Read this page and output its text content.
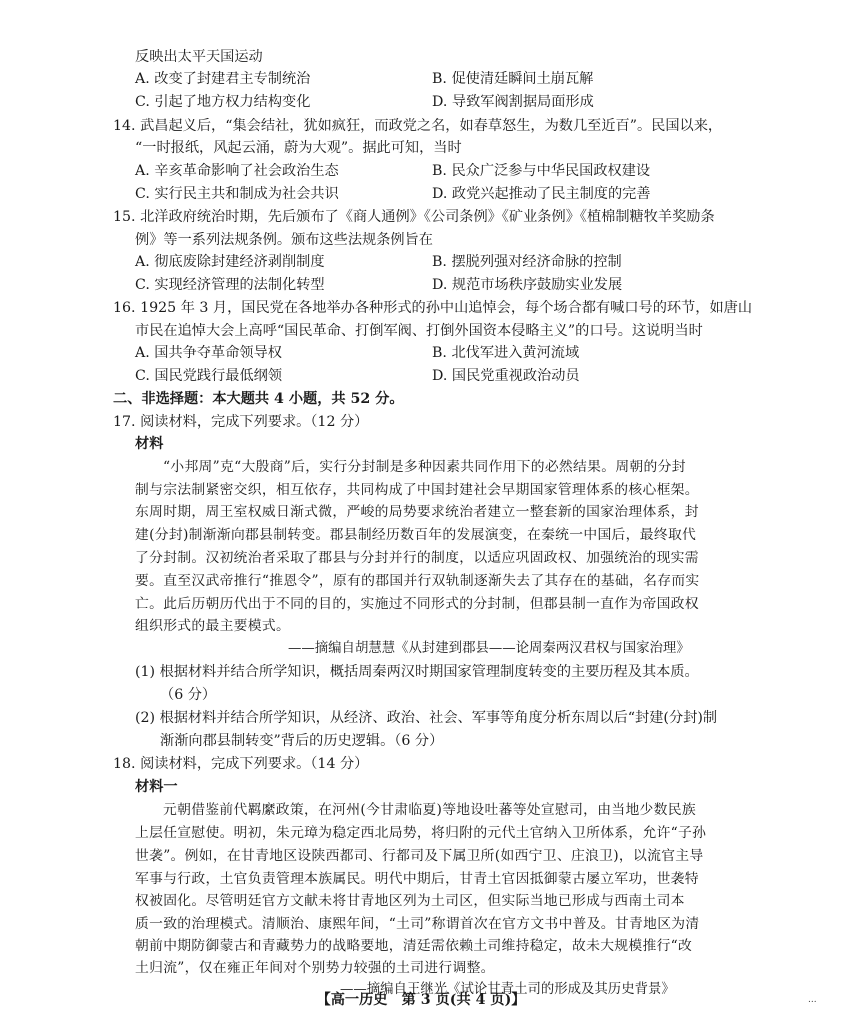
反映出太平天国运动
A. 改变了封建君主专制统治	B. 促使清廷瞬间土崩瓦解
C. 引起了地方权力结构变化	D. 导致军阀割据局面形成
14. 武昌起义后，“集会结社，犹如疯狂，而政党之名，如春草怒生，为数几至近百”。民国以来，
“一时报纸，风起云涌，蔚为大观”。据此可知，当时
A. 辛亥革命影响了社会政治生态	B. 民众广泛参与中华民国政权建设
C. 实行民主共和制成为社会共识	D. 政党兴起推动了民主制度的完善
15. 北洋政府统治时期，先后颁布了《商人通例》《公司条例》《矿业条例》《植棉制糖牧羊奖励条
例》等一系列法规条例。颁布这些法规条例旨在
A. 彻底废除封建经济剥削制度	B. 摆脱列强对经济命脉的控制
C. 实现经济管理的法制化转型	D. 规范市场秩序鼓励实业发展
16. 1925 年 3 月，国民党在各地举办各种形式的孙中山追悼会，每个场合都有喊口号的环节，如唐山
市民在追悼大会上高呼“国民革命、打倒军阀、打倒外国资本侵略主义”的口号。这说明当时
A. 国共争夺革命领导权	B. 北伐军进入黄河流域
C. 国民党践行最低纲领	D. 国民党重视政治动员
二、非选择题：本大题共 4 小题，共 52 分。
17. 阅读材料，完成下列要求。（12 分）
材料
“小邦周”克“大殷商”后，实行分封制是多种因素共同作用下的必然结果。周朝的分封
制与宗法制紧密交织，相互依存，共同构成了中国封建社会早期国家管理体系的核心框架。
东周时期，周王室权威日渐式微，严峻的局势要求统治者建立一整套新的国家治理体系，封
建(分封)制渐渐向郡县制转变。郡县制经历数百年的发展演变，在秦统一中国后，最终取代
了分封制。汉初统治者采取了郡县与分封并行的制度，以适应巩固政权、加强统治的现实需
要。直至汉武帝推行“推恩令”，原有的郡国并行双轨制逐渐失去了其存在的基础，名存而实
亡。此后历朝历代出于不同的目的，实施过不同形式的分封制，但郡县制一直作为帝国政权
组织形式的最主要模式。
——摘编自胡慧慧《从封建到郡县——论周秦两汉君权与国家治理》
(1) 根据材料并结合所学知识，概括周秦两汉时期国家管理制度转变的主要历程及其本质。
（6 分）
(2) 根据材料并结合所学知识，从经济、政治、社会、军事等角度分析东周以后“封建(分封)制
渐渐向郡县制转变”背后的历史逻辑。（6 分）
18. 阅读材料，完成下列要求。（14 分）
材料一
元朝借鉴前代羁縻政策，在河州(今甘肃临夏)等地设吐蕃等处宣慰司，由当地少数民族
上层任宣慰使。明初，朱元璋为稳定西北局势，将归附的元代土官纳入卫所体系，允许“子孙
世袭”。例如，在甘青地区设陕西都司、行都司及下属卫所(如西宁卫、庄浪卫)，以流官主导
军事与行政，土官负责管理本族属民。明代中期后，甘青土官因抵御蒙古屡立军功，世袭特
权被固化。尽管明廷官方文献未将甘青地区列为土司区，但实际当地已形成与西南土司本
质一致的治理模式。清顺治、康熙年间，“土司”称谓首次在官方文书中普及。甘青地区为清
朝前中期防御蒙古和青藏势力的战略要地，清廷需依赖土司维持稳定，故未大规模推行“改
土归流”，仅在雍正年间对个别势力较强的土司进行调整。
——摘编自王继光《试论甘青土司的形成及其历史背景》
【高一历史　第 3 页(共 4 页)】	...
